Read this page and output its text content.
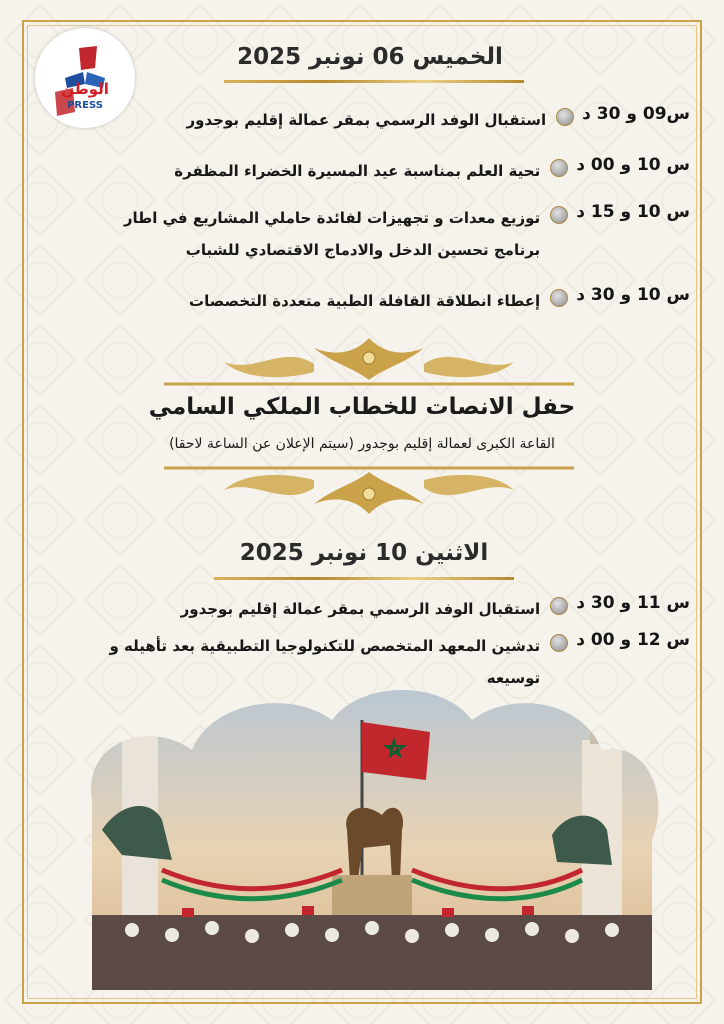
الوطن
PRESS
الخميس 06 نونبر 2025
س09 و 30 د
استقبال الوفد الرسمي بمقر عمالة إقليم بوجدور
س 10 و 00 د
تحية العلم بمناسبة عيد المسيرة الخضراء المظفرة
س 10 و 15 د
توزيع معدات و تجهيزات لفائدة حاملي المشاريع في اطار برنامج تحسين الدخل والادماج الاقتصادي للشباب
س 10 و 30 د
إعطاء انطلاقة القافلة الطبية متعددة التخصصات
حفل الانصات للخطاب الملكي السامي
القاعة الكبرى لعمالة إقليم بوجدور (سيتم الإعلان عن الساعة لاحقا)
الاثنين 10 نونبر 2025
س 11 و 30 د
استقبال الوفد الرسمي بمقر عمالة إقليم بوجدور
س 12 و 00 د
تدشين المعهد المتخصص للتكنولوجيا التطبيقية بعد تأهيله و توسيعه
